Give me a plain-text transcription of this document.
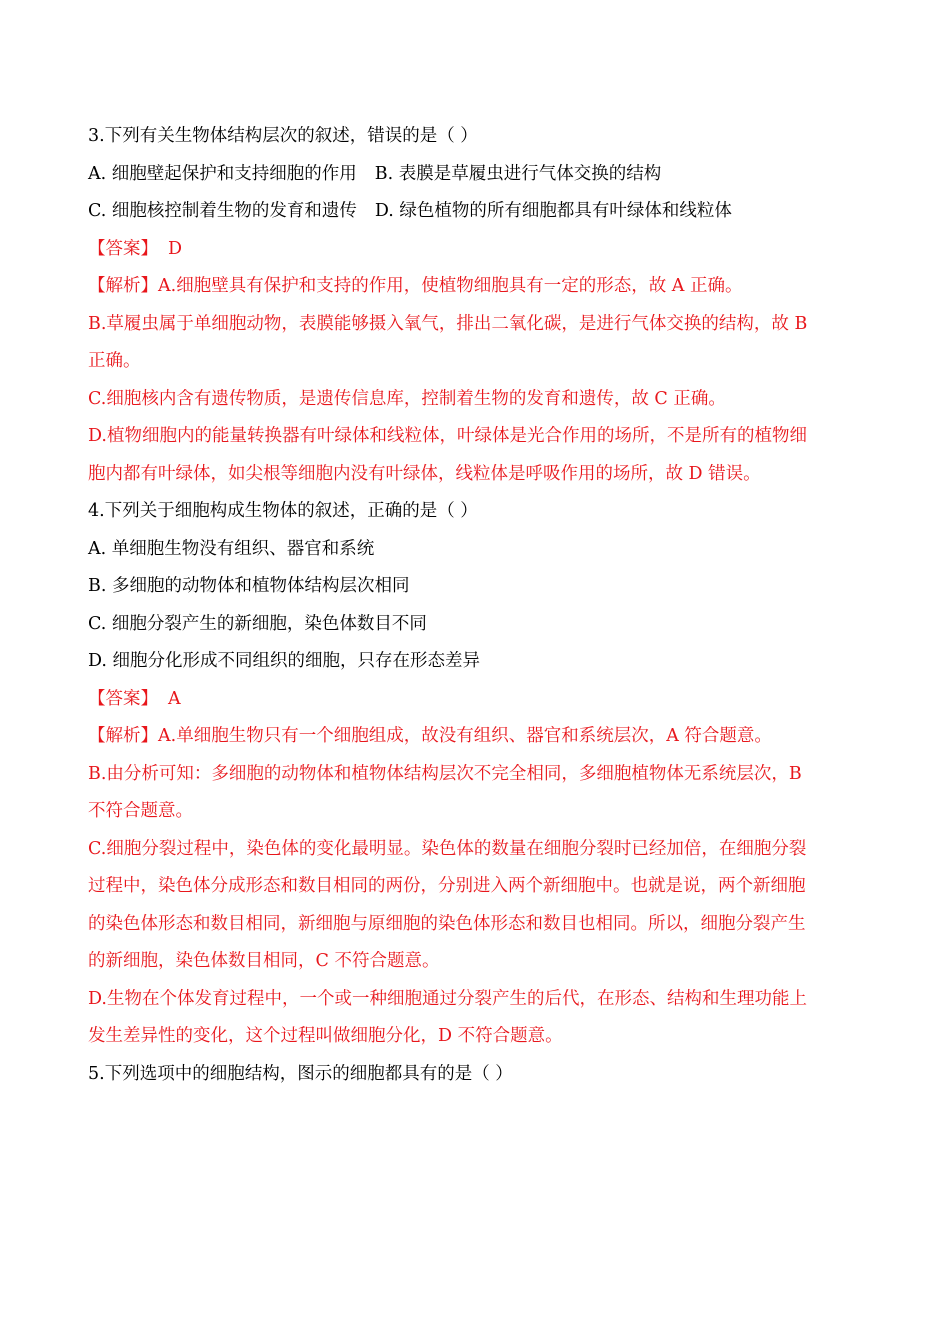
3.下列有关生物体结构层次的叙述，错误的是（ ）
A. 细胞壁起保护和支持细胞的作用 B. 表膜是草履虫进行气体交换的结构
C. 细胞核控制着生物的发育和遗传 D. 绿色植物的所有细胞都具有叶绿体和线粒体
【答案】 D
【解析】A.细胞壁具有保护和支持的作用，使植物细胞具有一定的形态，故 A 正确。
B.草履虫属于单细胞动物，表膜能够摄入氧气，排出二氧化碳，是进行气体交换的结构，故 B
正确。
C.细胞核内含有遗传物质，是遗传信息库，控制着生物的发育和遗传，故 C 正确。
D.植物细胞内的能量转换器有叶绿体和线粒体，叶绿体是光合作用的场所，不是所有的植物细
胞内都有叶绿体，如尖根等细胞内没有叶绿体，线粒体是呼吸作用的场所，故 D 错误。
4.下列关于细胞构成生物体的叙述，正确的是（ ）
A. 单细胞生物没有组织、器官和系统
B. 多细胞的动物体和植物体结构层次相同
C. 细胞分裂产生的新细胞，染色体数目不同
D. 细胞分化形成不同组织的细胞，只存在形态差异
【答案】 A
【解析】A.单细胞生物只有一个细胞组成，故没有组织、器官和系统层次，A 符合题意。
B.由分析可知：多细胞的动物体和植物体结构层次不完全相同，多细胞植物体无系统层次，B
不符合题意。
C.细胞分裂过程中，染色体的变化最明显。染色体的数量在细胞分裂时已经加倍，在细胞分裂
过程中，染色体分成形态和数目相同的两份，分别进入两个新细胞中。也就是说，两个新细胞
的染色体形态和数目相同，新细胞与原细胞的染色体形态和数目也相同。所以，细胞分裂产生
的新细胞，染色体数目相同，C 不符合题意。
D.生物在个体发育过程中，一个或一种细胞通过分裂产生的后代，在形态、结构和生理功能上
发生差异性的变化，这个过程叫做细胞分化，D 不符合题意。
5.下列选项中的细胞结构，图示的细胞都具有的是（ ）
